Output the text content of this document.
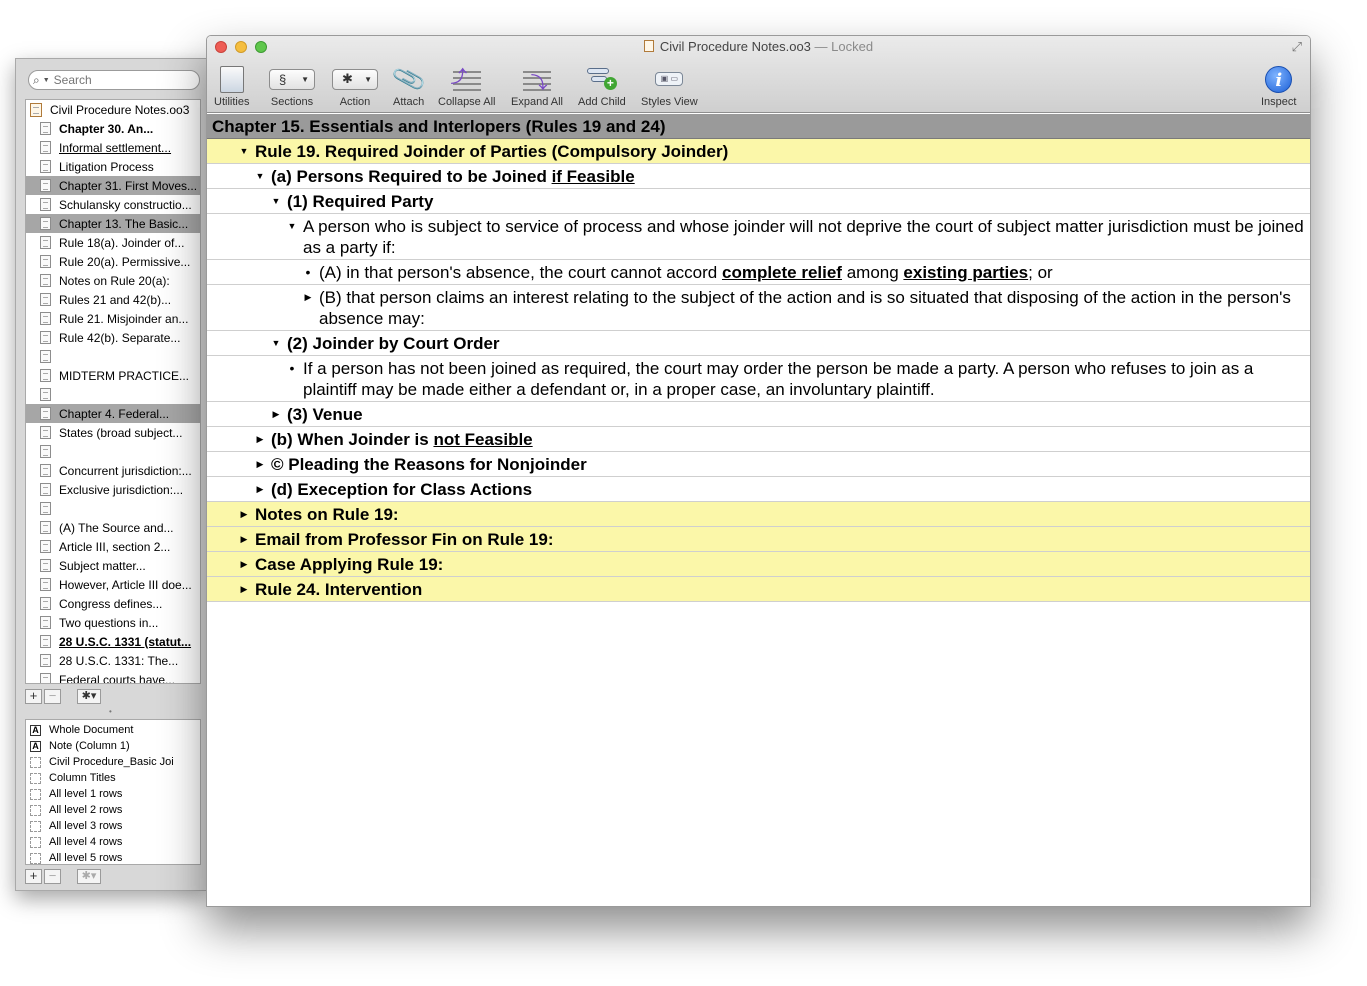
⌕ ▼
Search
Civil Procedure Notes.oo3
Chapter 30. An...
Informal settlement...
Litigation Process
Chapter 31. First Moves...
Schulansky constructio...
Chapter 13. The Basic...
Rule 18(a). Joinder of...
Rule 20(a). Permissive...
Notes on Rule 20(a):
Rules 21 and 42(b)...
Rule 21. Misjoinder an...
Rule 42(b). Separate...
MIDTERM PRACTICE...
Chapter 4. Federal...
States (broad subject...
Concurrent jurisdiction:...
Exclusive jurisdiction:...
(A) The Source and...
Article III, section 2...
Subject matter...
However, Article III doe...
Congress defines...
Two questions in...
28 U.S.C. 1331 (statut...
28 U.S.C. 1331: The...
Federal courts have...
+ −	✱▾
•
A Whole Document
A Note (Column 1)
Civil Procedure_Basic Joi
Column Titles
All level 1 rows
All level 2 rows
All level 3 rows
All level 4 rows
All level 5 rows
+ −	✱▾
Civil Procedure Notes.oo3 — Locked	⤢
Utilities
§ ▼
Sections
✱ ▼
Action
📎
Attach
⤴
Collapse All
⤵
Expand All
+
Add Child
▣ ▭
Styles View
i
Inspect
Chapter 15. Essentials and Interlopers (Rules 19 and 24)
▼ Rule 19. Required Joinder of Parties (Compulsory Joinder)
▼ (a) Persons Required to be Joined if Feasible
▼ (1) Required Party
▼ A person who is subject to service of process and whose joinder will not deprive the court of subject matter jurisdiction must be joined as a party if:
• (A) in that person's absence, the court cannot accord complete relief among existing parties; or
▶ (B) that person claims an interest relating to the subject of the action and is so situated that disposing of the action in the person's absence may:
▼ (2) Joinder by Court Order
• If a person has not been joined as required, the court may order the person be made a party. A person who refuses to join as a plaintiff may be made either a defendant or, in a proper case, an involuntary plaintiff.
▶ (3) Venue
▶ (b) When Joinder is not Feasible
▶ © Pleading the Reasons for Nonjoinder
▶ (d) Exeception for Class Actions
▶ Notes on Rule 19:
▶ Email from Professor Fin on Rule 19:
▶ Case Applying Rule 19:
▶ Rule 24. Intervention
